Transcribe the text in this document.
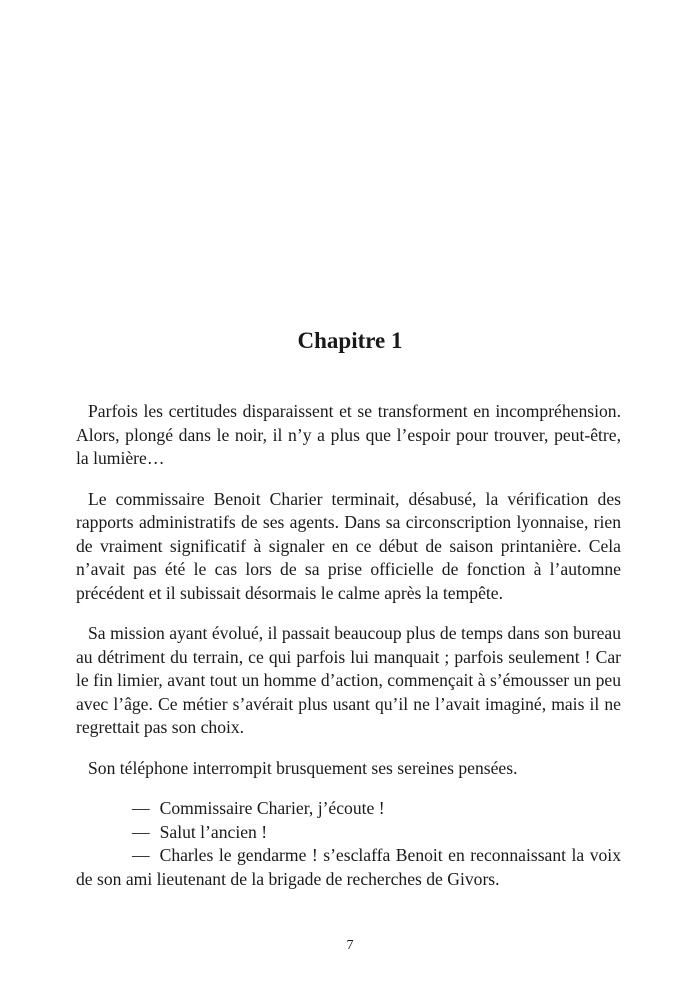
Chapitre 1

Parfois les certitudes disparaissent et se transforment en incompréhension. Alors, plongé dans le noir, il n’y a plus que l’espoir pour trouver, peut-être, la lumière…

Le commissaire Benoit Charier terminait, désabusé, la vérification des rapports administratifs de ses agents. Dans sa circonscription lyonnaise, rien de vraiment significatif à signaler en ce début de saison printanière. Cela n’avait pas été le cas lors de sa prise officielle de fonction à l’automne précédent et il subissait désormais le calme après la tempête.

Sa mission ayant évolué, il passait beaucoup plus de temps dans son bureau au détriment du terrain, ce qui parfois lui manquait ; parfois seulement ! Car le fin limier, avant tout un homme d’action, commençait à s’émousser un peu avec l’âge. Ce métier s’avérait plus usant qu’il ne l’avait imaginé, mais il ne regrettait pas son choix.

Son téléphone interrompit brusquement ses sereines pensées.

— Commissaire Charier, j’écoute !

— Salut l’ancien !

— Charles le gendarme ! s’esclaffa Benoit en reconnaissant la voix de son ami lieutenant de la brigade de recherches de Givors.

7
